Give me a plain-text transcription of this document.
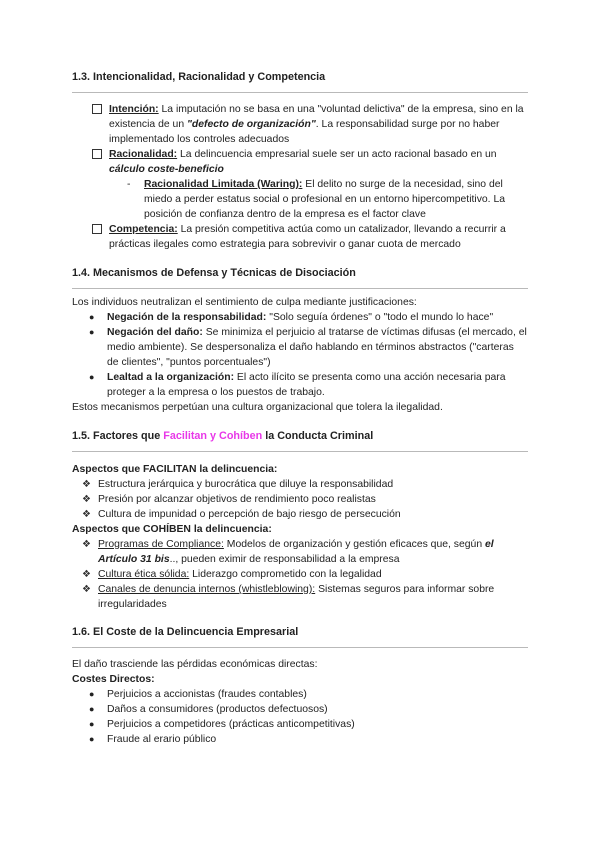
1.3. Intencionalidad, Racionalidad y Competencia
Intención: La imputación no se basa en una "voluntad delictiva" de la empresa, sino en la existencia de un "defecto de organización". La responsabilidad surge por no haber implementado los controles adecuados
Racionalidad: La delincuencia empresarial suele ser un acto racional basado en un cálculo coste-beneficio
-	Racionalidad Limitada (Waring): El delito no surge de la necesidad, sino del miedo a perder estatus social o profesional en un entorno hipercompetitivo. La posición de confianza dentro de la empresa es el factor clave
Competencia: La presión competitiva actúa como un catalizador, llevando a recurrir a prácticas ilegales como estrategia para sobrevivir o ganar cuota de mercado
1.4. Mecanismos de Defensa y Técnicas de Disociación

Los individuos neutralizan el sentimiento de culpa mediante justificaciones:

●	Negación de la responsabilidad: "Solo seguía órdenes" o "todo el mundo lo hace"
●	Negación del daño: Se minimiza el perjuicio al tratarse de víctimas difusas (el mercado, el medio ambiente). Se despersonaliza el daño hablando en términos abstractos ("carteras de clientes", "puntos porcentuales")
●	Lealtad a la organización: El acto ilícito se presenta como una acción necesaria para proteger a la empresa o los puestos de trabajo.

Estos mecanismos perpetúan una cultura organizacional que tolera la ilegalidad.

1.5. Factores que Facilitan y Cohíben la Conducta Criminal

Aspectos que FACILITAN la delincuencia:

❖ Estructura jerárquica y burocrática que diluye la responsabilidad
❖ Presión por alcanzar objetivos de rendimiento poco realistas
❖ Cultura de impunidad o percepción de bajo riesgo de persecución

Aspectos que COHÍBEN la delincuencia:

❖ Programas de Compliance: Modelos de organización y gestión eficaces que, según el Artículo 31 bis.., pueden eximir de responsabilidad a la empresa
❖ Cultura ética sólida: Liderazgo comprometido con la legalidad
❖ Canales de denuncia internos (whistleblowing): Sistemas seguros para informar sobre irregularidades
1.6. El Coste de la Delincuencia Empresarial

El daño trasciende las pérdidas económicas directas:

Costes Directos:

●	Perjuicios a accionistas (fraudes contables)
●	Daños a consumidores (productos defectuosos)
●	Perjuicios a competidores (prácticas anticompetitivas)
●	Fraude al erario público
